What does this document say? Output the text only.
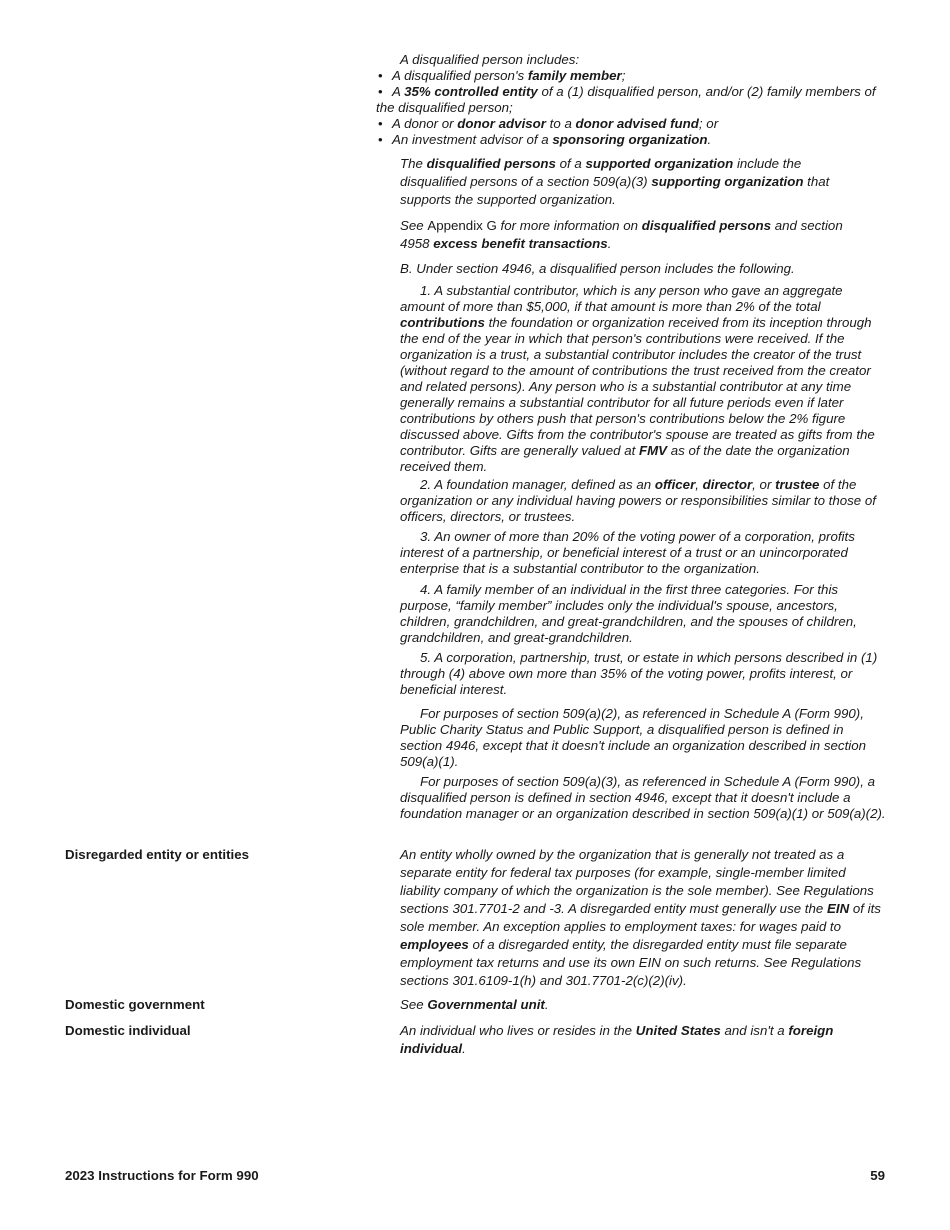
A disqualified person includes:

• A disqualified person's family member;

• A 35% controlled entity of a (1) disqualified person, and/or (2) family members of the disqualified person;

• A donor or donor advisor to a donor advised fund; or

• An investment advisor of a sponsoring organization.

The disqualified persons of a supported organization include the disqualified persons of a section 509(a)(3) supporting organization that supports the supported organization.
See Appendix G for more information on disqualified persons and section 4958 excess benefit transactions.
B. Under section 4946, a disqualified person includes the following.

1. A substantial contributor, which is any person who gave an aggregate amount of more than $5,000, if that amount is more than 2% of the total contributions the foundation or organization received from its inception through the end of the year in which that person's contributions were received. If the organization is a trust, a substantial contributor includes the creator of the trust (without regard to the amount of contributions the trust received from the creator and related persons). Any person who is a substantial contributor at any time generally remains a substantial contributor for all future periods even if later contributions by others push that person's contributions below the 2% figure discussed above. Gifts from the contributor's spouse are treated as gifts from the contributor. Gifts are generally valued at FMV as of the date the organization received them.

2. A foundation manager, defined as an officer, director, or trustee of the organization or any individual having powers or responsibilities similar to those of officers, directors, or trustees.

3. An owner of more than 20% of the voting power of a corporation, profits interest of a partnership, or beneficial interest of a trust or an unincorporated enterprise that is a substantial contributor to the organization.

4. A family member of an individual in the first three categories. For this purpose, “family member” includes only the individual's spouse, ancestors, children, grandchildren, and great-grandchildren, and the spouses of children, grandchildren, and great-grandchildren.

5. A corporation, partnership, trust, or estate in which persons described in (1) through (4) above own more than 35% of the voting power, profits interest, or beneficial interest.

For purposes of section 509(a)(2), as referenced in Schedule A (Form 990), Public Charity Status and Public Support, a disqualified person is defined in section 4946, except that it doesn't include an organization described in section 509(a)(1).

For purposes of section 509(a)(3), as referenced in Schedule A (Form 990), a disqualified person is defined in section 4946, except that it doesn't include a foundation manager or an organization described in section 509(a)(1) or 509(a)(2).

Disregarded entity or entities	An entity wholly owned by the organization that is generally not treated as a separate entity for federal tax purposes (for example, single-member limited liability company of which the organization is the sole member). See Regulations sections 301.7701-2 and -3. A disregarded entity must generally use the EIN of its sole member. An exception applies to employment taxes: for wages paid to employees of a disregarded entity, the disregarded entity must file separate employment tax returns and use its own EIN on such returns. See Regulations sections 301.6109-1(h) and 301.7701-2(c)(2)(iv).
Domestic government	See Governmental unit.
Domestic individual	An individual who lives or resides in the United States and isn't a foreign individual.
2023 Instructions for Form 990	59
